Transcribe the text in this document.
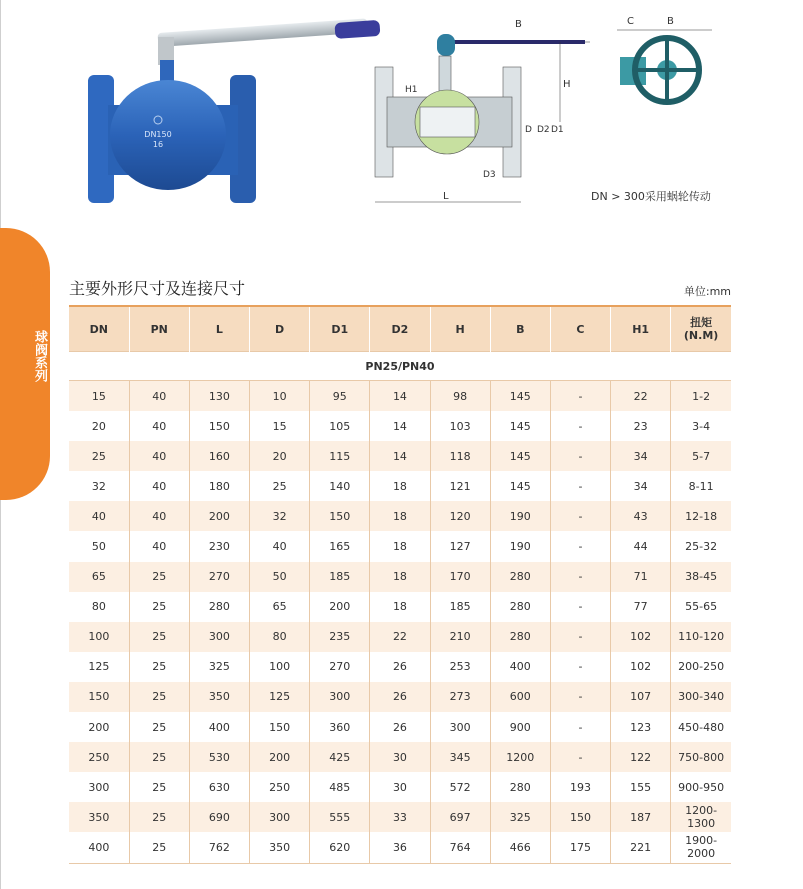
球阀系列
DN150
16
B
H
H1
D D2 D1
D3
L
C	B
DN > 300采用蜗轮传动
主要外形尺寸及连接尺寸	单位:mm
DN	PN	L	D	D1	D2	H	B	C	H1	扭矩
(N.M)
PN25/PN40										
15	40	130	10	95	14	98	145	-	22	1-2
20	40	150	15	105	14	103	145	-	23	3-4
25	40	160	20	115	14	118	145	-	34	5-7
32	40	180	25	140	18	121	145	-	34	8-11
40	40	200	32	150	18	120	190	-	43	12-18
50	40	230	40	165	18	127	190	-	44	25-32
65	25	270	50	185	18	170	280	-	71	38-45
80	25	280	65	200	18	185	280	-	77	55-65
100	25	300	80	235	22	210	280	-	102	110-120
125	25	325	100	270	26	253	400	-	102	200-250
150	25	350	125	300	26	273	600	-	107	300-340
200	25	400	150	360	26	300	900	-	123	450-480
250	25	530	200	425	30	345	1200	-	122	750-800
300	25	630	250	485	30	572	280	193	155	900-950
350	25	690	300	555	33	697	325	150	187	1200-1300
400	25	762	350	620	36	764	466	175	221	1900-2000
